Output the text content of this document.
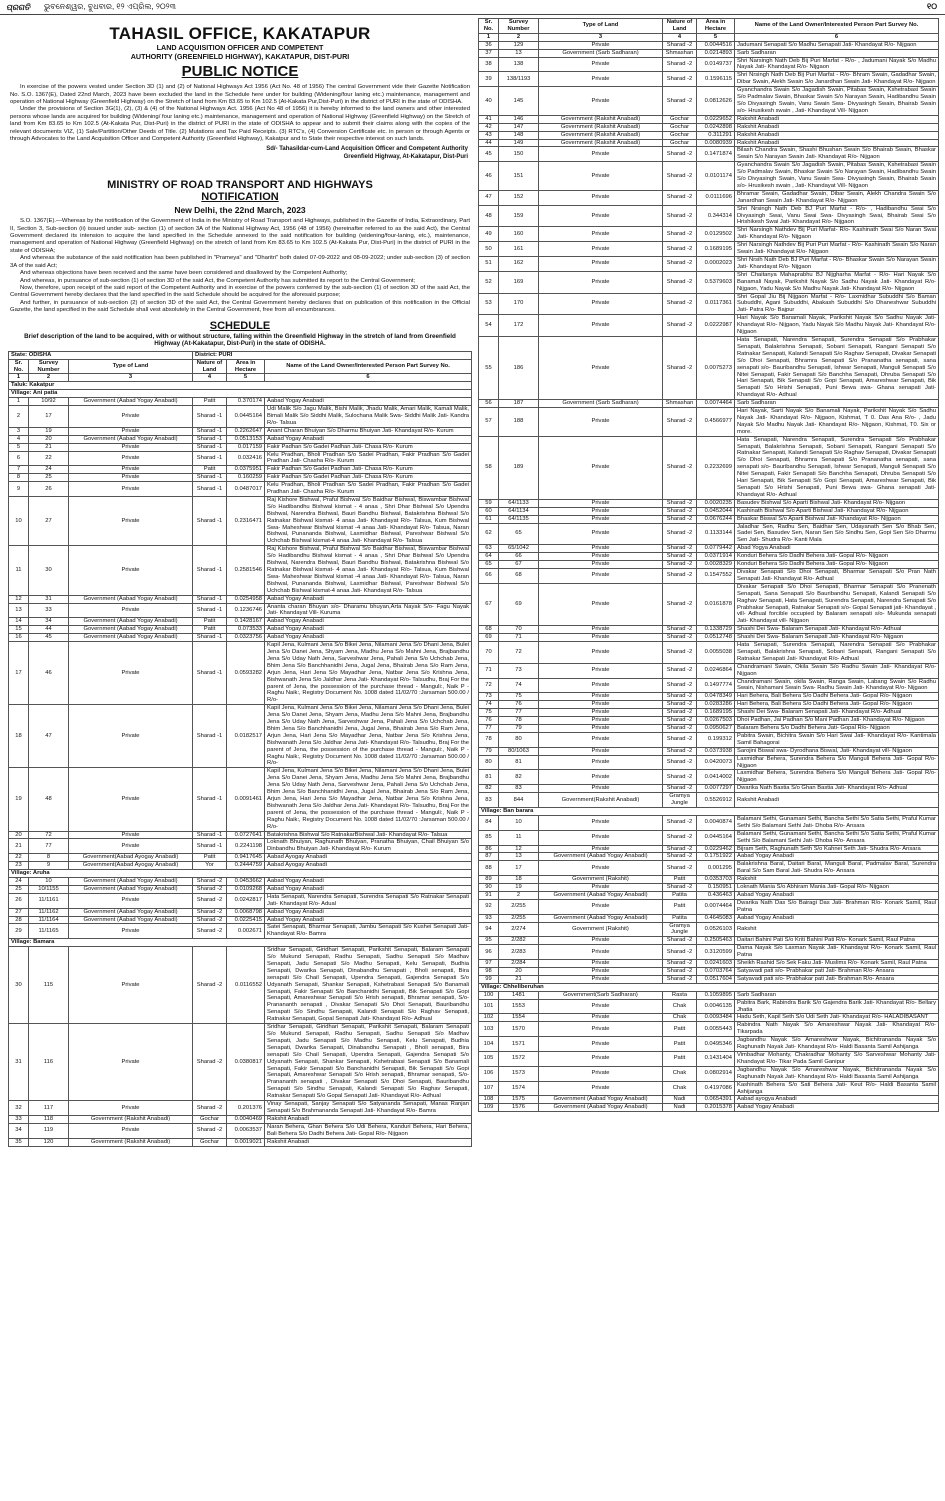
ପ୍ରଗତି	ଭୁବନେଶ୍ୱର, ବୁଧବାର, ୧୨ ଏପ୍ରିଲ, ୨୦୨୩	୧୦
TAHASIL OFFICE, KAKATAPUR
LAND ACQUISITION OFFICER AND COMPETENT
AUTHORITY (GREENFIELD HIGHWAY), KAKATAPUR, DIST-PURI
PUBLIC NOTICE

In exercise of the powers vested under Section 3D (1) and (2) of National Highways Act 1956 (Act No. 48 of 1956) The central Government vide their Gazette Notification No. S.O. 1367(E), Dated 22nd March, 2023 have been excluded the land in the Schedule here under for building (Widening/four laning etc.) maintenance, management and operation of National Highway (Greenfield Highway) on the Stretch of land from Km 83.65 to Km 102.5 (At-Kakata Pur,Dist-Puri) in the district of PURI in the state of ODISHA.

Under the provisions of Section 3G(1), (2), (3) & (4) of the National Highways Act. 1956 (Act No 48 of 1956) it is hereby informed to the land owners and other interested persons whose lands are acquired for building (Widening/ four laning etc.) maintenance, management and operation of National Highway (Greenfield Highway) on the Stretch of land from Km 83.65 to Km 102.5 (At-Kakata Pur, Dist-Puri) in the district of PURI in the state of ODISHA to appear and to submit their claims along with the copies of the relevant documents VIZ, (1) Sale/Partition/Other Deeds of Title. (2) Mutations and Tax Paid Receipts. (3) RTC's, (4) Conversion Certificate etc. in person or through Agents or through Advocates to the Land Acquisition Officer and Competent Authority (Greenfield Highway), Kakatpur and to State their respective interest on such lands.

Sd/- Tahasildar-cum-Land Acquisition Officer and Competent Authority
Greenfield Highway, At-Kakatapur, Dist-Puri
MINISTRY OF ROAD TRANSPORT AND HIGHWAYS
NOTIFICATION
New Delhi, the 22nd March, 2023

S.O. 1367(E).—Whereas by the notification of the Government of India in the Ministry of Road Transport and Highways, published in the Gazette of India, Extraordinary, Part II, Section 3, Sub-section (ii) issued under sub- section (1) of section 3A of the National Highway Act, 1956 (48 of 1956) (hereinafter referred to as the said Act), the Central Government declared its intension to acquire the land specified in the Schedule annexed to the said notification for building (widening/four-laning, etc.), maintenance, management and operation of National Highway (Greenfield Highway) on the stretch of land from Km 83.65 to Km 102.5 (At-Kakata Pur, Dist-Puri) in the district of PURI in the state of ODISHA;

And whereas the substance of the said notification has been published in "Prameya" and "Dharitri" both dated 07-09-2022 and 08-09-2022; under sub-section (3) of section 3A of the said Act;

And whereas objections have been received and the same have been considered and disallowed by the Competent Authority;

And whereas, in pursuance of sub-section (1) of section 3D of the said Act, the Competent Authority has submitted its report to the Central Government;

Now, therefore, upon receipt of the said report of the Competent Authority and in exercise of the powers conferred by the sub-section (1) of section 3D of the said Act, the Central Government hereby declares that the land specified in the said Schedule should be acquired for the aforesaid purpose;

And further, in pursuance of sub-section (2) of section 3D of the said Act, the Central Government hereby declares that on publication of this notification in the Official Gazette, the land specified in the said Schedule shall vest absolutely in the Central Government, free from all encumbrances.

SCHEDULE
Brief description of the land to be acquired, with or without structure, falling within the Greenfield Highway in the stretch of land from Greenfield Highway (At-Kakatapur, Dist-Puri) in the state of ODISHA.
State: ODISHA			District: PURI		
Sr. No.	Survey Number	Type of Land	Nature of Land	Area in Hectare	Name of the Land Owner/Interested Person Part Survey No.
1	2	3	4	5	6
Taluk: Kakatpur					
Village: Ani patia					
1	10/92	Government (Aabad Yogay Anabadi)	Patit	0.370174	Aabad Yogay Anabadi
2	17	Private	Sharad -1	0.0445164	Udi Malik S/o Jagu Malik, Bishi Malik, Jhadu Malik, Amari Malik, Kamali Malik, Bimali Malik S/o Siddhi Malik, Sulochana Malik Swa- Siddhi Malik Jati- Kandra R/o- Talsua
3	19	Private	Sharad -1	0.2262647	Anant Charan Bhuiyan S/o Dharmu Bhuiyan Jati- Khandayat R/o- Kurum
4	20	Government (Aabad Yogay Anabadi)	Sharad -1	0.0513153	Aabad Yogay Anabadi
5	21	Private	Sharad -1	0.017159	Fakir Padhan S/o Gadei Padhan Jati- Chasa R/o- Kurum
6	22	Private	Sharad -1	0.032416	Kelu Pradhan, Bholi Pradhan S/o Sadei Pradhan, Fakir Pradhan S/o Gadei Pradhan Jati- Chasha R/o- Kurum
7	24	Private	Patit	0.0375951	Fakir Padhan S/o Gadei Padhan Jati- Chasa R/o- Kurum
8	25	Private	Sharad -1	0.160259	Fakir Padhan S/o Gadei Padhan Jati- Chasa R/o- Kurum
9	26	Private	Sharad -1	0.0487017	Kelu Pradhan, Bholi Pradhan S/o Sadei Pradhan, Fakir Pradhan S/o Gadei Pradhan Jati- Chasha R/o- Kurum
10	27	Private	Sharad -1	0.2316471	Raj Kishore Bishwal, Praful Bishwal S/o Baidhar Bishwal, Biswambar Bishwal S/o Hadibandhu Bishwal kismat - 4 anaa , Shri Dhar Bishwal S/o Upendra Bishwal, Narendra Bishwal, Bauri Bandhu Bishwal, Batakrishna Bishwal S/o Ratnakar Bishwal kismat- 4 anaa Jati- Khandayat R/o- Talsua, Kum Bishwal Swa- Maheshwar Bishwal kismat -4 anaa Jati- Khandayat R/o- Talsua, Naran Bishwal, Punananda Bishwal, Laxmidhar Bishwal, Pareshwar Bishwal S/o Uchchab Bishwal kismat-4 anaa Jati- Khandayat R/o- Talsua
11	30	Private	Sharad -1	0.2581546	Raj Kishore Bishwal, Praful Bishwal S/o Baidhar Bishwal, Biswambar Bishwal S/o Hadibandhu Bishwal kismat - 4 anaa , Shri Dhar Bishwal S/o Upendra Bishwal, Narendra Bishwal, Bauri Bandhu Bishwal, Batakrishna Bishwal S/o Ratnakar Bishwal kismat- 4 anaa Jati- Khandayat R/o- Talsua, Kum Bishwal Swa- Maheshwar Bishwal kismat -4 anaa Jati- Khandayat R/o- Talsua, Naran Bishwal, Punananda Bishwal, Laxmidhar Bishwal, Pareshwar Bishwal S/o Uchchab Bishwal kismat-4 anaa Jati- Khandayat R/o- Talsua
12	31	Government (Aabad Yogay Anabadi)	Sharad -1	0.0254958	Aabad Yogay Anabadi
13	33	Private	Sharad -1	0.1236746	Ananta charan Bhuyan s/o- Dharamu bhuyan,Arta Nayak S/o- Fagu Nayak Jati- Khandayat Vill- Kuruma
14	34	Government (Aabad Yogay Anabadi)	Patit	0.1428167	Aabad Yogay Anabadi
15	44	Government (Aabad Yogay Anabadi)	Patit	0.073533	Aabad Yogay Anabadi
16	45	Government (Aabad Yogay Anabadi)	Sharad -1	0.0323756	Aabad Yogay Anabadi
17	46	Private	Sharad -1	0.0593282	Kapil Jena, Kulmani Jena S/o Bikei Jena, Nilamani Jena S/o Dhani Jena, Bulei Jena S/o Danei Jena, Shyam Jena, Madhu Jena S/o Mahni Jena, Brajbandhu Jena S/o Uday Nath Jena, Sarveshwar Jena, Pahali Jena S/o Uchchab Jena, Bhim Jena S/o Banchhanidhi Jena, Jugal Jena, Bhairab Jena S/o Ram Jena, Arjun Jena, Hari Jena S/o Mayadhar Jena, Natbar Jena S/o Krishna Jena, Bishwanath Jena S/o Jaldhar Jena Jati- Khandayat R/o- Talsudhu, Braj For the parent of Jena, the possession of the purchase thread - Manguli:, Naik P - Raghu Naik:, Registry Document No. 1008 dated 11/02/70 :Jarsaman 500.00 / R/o-
18	47	Private	Sharad -1	0.0182517	Kapil Jena, Kulmani Jena S/o Bikei Jena, Nilamani Jena S/o Dhani Jena, Bulei Jena S/o Danei Jena, Shyam Jena, Madhu Jena S/o Mahni Jena, Brajbandhu Jena S/o Uday Nath Jena, Sarveshwar Jena, Pahali Jena S/o Uchchab Jena, Bhim Jena S/o Banchhanidhi Jena, Jugal Jena, Bhairab Jena S/o Ram Jena, Arjun Jena, Hari Jena S/o Mayadhar Jena, Natbar Jena S/o Krishna Jena, Bishwanath Jena S/o Jaldhar Jena Jati- Khandayat R/o- Talsudhu, Braj For the parent of Jena, the possession of the purchase thread - Manguli:, Naik P - Raghu Naik:, Registry Document No. 1008 dated 11/02/70 :Jarsaman 500.00 / R/o-
19	48	Private	Sharad -1	0.0091461	Kapil Jena, Kulmani Jena S/o Bikei Jena, Nilamani Jena S/o Dhani Jena, Bulei Jena S/o Danei Jena, Shyam Jena, Madhu Jena S/o Mahni Jena, Brajbandhu Jena S/o Uday Nath Jena, Sarveshwar Jena, Pahali Jena S/o Uchchab Jena, Bhim Jena S/o Banchhanidhi Jena, Jugal Jena, Bhairab Jena S/o Ram Jena, Arjun Jena, Hari Jena S/o Mayadhar Jena, Natbar Jena S/o Krishna Jena, Bishwanath Jena S/o Jaldhar Jena Jati- Khandayat R/o- Talsudhu, Braj For the parent of Jena, the possession of the purchase thread - Manguli:, Naik P - Raghu Naik:, Registry Document No. 1008 dated 11/02/70 :Jarsaman 500.00 / R/o-
20	72	Private	Sharad -1	0.0727641	Batakrishna Bishwal S/o RatnakarBishwal Jati- Khandayat R/o- Talsua
21	77	Private	Sharad -1	0.2241198	Loknath Bhuiyan, Raghunath Bhuiyan, Pranatha Bhuiyan, Chail Bhuiyan S/o Dinbandhu Bhuiyan Jati- Khandayat R/o- Kurum
22	8	Government(Aabad Ayogay Anabadi)	Patit	0.9417645	Aabad Ayogay Anabadi
23	9	Government(Aabad Ayogay Anabadi)	Yor	0.2444759	Aabad Ayogay Anabadi
Village: Aruha					
24	10	Government (Aabad Yogay Anabadi)	Sharad -2	0.0453662	Aabad Yogay Anabadi
25	10/1155	Government (Aabad Yogay Anabadi)	Sharad -2	0.0109268	Aabad Yogay Anabadi
26	11/1161	Private	Sharad -2	0.0242817	Hata Senapati, Narendra Senapati, Surendra Senapati S/o Ratnakar Senapati Jati- Khandayat R/o- Adual
27	11/1162	Government (Aabad Yogay Anabadi)	Sharad -2	0.0068798	Aabad Yogay Anabadi
28	11/1164	Government (Aabad Yogay Anabadi)	Sharad -2	0.0225415	Aabad Yogay Anabadi
29	11/1165	Private	Sharad -2	0.002671	Satei Senapati, Bharmar Senapati, Jambu Senapati S/o Kushei Senapati Jati- Khandayat R/o- Bamra
Village: Bamara					
30	115	Private	Sharad -2	0.0116552	Sridhar Senapati, Giridhari Senapati, Parikshit Senapati, Balaram Senapati S/o Mukund Senapati, Radhu Senapati, Sadhu Senapati S/o Madhav Senapati, Jadu Senapati S/o Madhu Senapati, Kelu Senapati, Budhia Senapati, Dwarika Senapati, Dinabandhu Senapati , Bholi senapati, Bira senapati S/o Chail Senapati, Upendra Senapati, Gajendra Senapati S/o Udyanath Senapati, Shankar Senapati, Kshetrabasi Senapati S/o Banamali Senapati, Fakir Senapati S/o Banchanidhi Senapati, Bik Senapati S/o Gopi Senapati, Amareshwar Senapati S/o Hrish senapati, Bhramar senapati, S/o- Pranananth senapati , Divakar Senapati S/o Dhoi Senapati, Bauribandhu Senapati S/o Sindhu Senapati, Kalandi Senapati S/o Raghav Senapati, Ratnakar Senapati, Gopal Senapati Jati- Khandayat R/o- Adhual
31	116	Private	Sharad -2	0.0380817	Sridhar Senapati, Giridhari Senapati, Parikshit Senapati, Balaram Senapati S/o Mukund Senapati, Radhu Senapati, Sadhu Senapati S/o Madhav Senapati, Jadu Senapati S/o Madhu Senapati, Kelu Senapati, Budhia Senapati, Dwarika Senapati, Dinabandhu Senapati , Bholi senapati, Bira senapati S/o Chail Senapati, Upendra Senapati, Gajendra Senapati S/o Udyanath Senapati, Shankar Senapati, Kshetrabasi Senapati S/o Banamali Senapati, Fakir Senapati S/o Banchanidhi Senapati, Bik Senapati S/o Gopi Senapati, Amareshwar Senapati S/o Hrish senapati, Bhramar senapati, S/o- Pranananth senapati , Divakar Senapati S/o Dhoi Senapati, Bauribandhu Senapati S/o Sindhu Senapati, Kalandi Senapati S/o Raghav Senapati, Ratnakar Senapati S/o Gopal Senapati Jati- Khandayat R/o- Adhual
32	117	Private	Sharad -2	0.201376	Vinay Senapati, Sanjay Senapati S/o Satyananda Senapati, Manas Ranjan Senapati S/o Brahmananda Senapati Jati- Khandayat R/o- Bamra
33	118	Government (Rakshit Anabadi)	Gochar	0.0040469	Rakshit Anabadi
34	119	Private	Sharad -2	0.0063537	Naran Behera, Ghan Behera S/o Udi Behera, Kanduri Behera, Hari Behera, Bali Behera S/o Dadhi Behera Jati- Gopal R/o- Nijgaon
35	120	Government (Rakshit Anabadi)	Gochar	0.0019021	Rakshit Anabadi
Sr. No.	Survey Number	Type of Land	Nature of Land	Area in Hectare	Name of the Land Owner/Interested Person Part Survey No.
1	2	3	4	5	6
36	129	Private	Sharad -2	0.0044516	Jadumani Senapati S/o Madhu Senapati Jati- Khandayat R/o- Nijgaon
37	13	Government (Sarb Sadharan)	Shmashan	0.0214893	Sarb Sadharan
38	138	Private	Sharad -2	0.0149737	Shri Narsingh Nath Deb Bij Puri Marfat - R/o- , Jadumani Nayak S/o Madhu Nayak Jati- Khandayat R/o- Nijgaon
39	138/1193	Private	Sharad -2	0.1596115	Shri Nrsingh Nath Deb Bij Puri Marfat - R/o- Bhram Swain, Gadadhar Swain, Dibar Swain, Alekh Swain S/o Janardhan Swain Jati- Khandayat R/o- Nijgaon
40	145	Private	Sharad -2	0.0812626	Gyanchandra Swain S/o Jagadish Swain, Pitabas Swain, Kshetrabasi Swain S/o Padmalav Swain, Bhaskar Swain S/o Narayan Swain, Hadibandhu Swain S/o Divyasingh Swain, Vanu Swain Swa- Divyasingh Swain, Bhairab Swain s/o- Hrusikesh swain , Jati- Khandayat Vill- Nijgaon
41	146	Government (Rakshit Anabadi)	Gochar	0.0229652	Rakshit Anabadi
42	147	Government (Rakshit Anabadi)	Gochar	0.0242898	Rakshit Anabadi
43	148	Government (Rakshit Anabadi)	Gochar	0.311291	Rakshit Anabadi
44	149	Government (Rakshit Anabadi)	Gochar	0.0080939	Rakshit Anabadi
45	150	Private	Sharad -2	0.1471874	Bilash Chandra Swain, Shashi Bhushan Swain S/o Bhairab Swain, Bhaskar Swain S/o Narayan Swain Jati- Khandayat R/o- Nijgaon
46	151	Private	Sharad -2	0.0101174	Gyanchandra Swain S/o Jagadish Swain, Pitabas Swain, Kshetrabasi Swain S/o Padmalav Swain, Bhaskar Swain S/o Narayan Swain, Hadibandhu Swain S/o Divyasingh Swain, Vanu Swain Swa- Divyasingh Swain, Bhairab Swain s/o- Hrusikesh swain , Jati- Khandayat Vill- Nijgaon
47	152	Private	Sharad -2	0.0111696	Bhramar Swain, Gadadhar Swain, Dibar Swain, Alekh Chandra Swain S/o Janardhan Swain Jati- Khandayat R/o- Nijgaon
48	159	Private	Sharad -2	0.344314	Shri Nrsingh Nath Deb BJ Puri Marfat - R/o- , Hadibandhu Swai S/o Divyasingh Swai, Vanu Swai Swa- Divyasingh Swai, Bhairab Swai S/o Hrishikesh Swai Jati- Khandayat R/o- Nijgaon
49	160	Private	Sharad -2	0.0129502	Shri Narsingh Nathdev Bij Puri Marfat- R/o- Kashinath Swai S/o Naran Swai Jati- Khandayat R/o- Nijgaon
50	161	Private	Sharad -2	0.1689195	Shri Narsingh Nathdev Bij Puri Puri Marfat - R/o- Kashinath Swain S/o Naran Swain Jati- Khandayat R/o- Nijgaon
51	162	Private	Sharad -2	0.0002023	Shri Nrsih Nath Deb BJ Puri Marfat - R/o- Bhaskar Swain S/o Narayan Swain Jati- Khandayat R/o- Nijgaon
52	169	Private	Sharad -2	0.5379603	Shri Chaitanya Mahaprabhu BJ Nijgharha Marfat - R/o- Hari Nayak S/o Banamali Nayak, Parikshit Nayak S/o Sadhu Nayak Jati- Khandayat R/o- Nijgaon, Yadu Nayak S/o Madhu Nayak Jati- Khandayat R/o- Nijgaon
53	170	Private	Sharad -2	0.0117361	Shri Gopal Jiu Bij Nijgaon Marfat - R/o- Laxmidhar Subuddhi S/o Baman Subuddhi, Agani Subuddhi, Abakash Subuddhi S/o Dhaneshwar Subuddhi Jati- Patra R/o- Bajpur
54	172	Private	Sharad -2	0.0222987	Hari Nayak S/o Banamali Nayak, Parikshit Nayak S/o Sadhu Nayak Jati- Khandayat R/o- Nijgaon, Yadu Nayak S/o Madhu Nayak Jati- Khandayat R/o- Nijgaon
55	186	Private	Sharad -2	0.0075273	Hata Senapati, Narendra Senapati, Surendra Senapati S/o Prabhakar Senapati, Balakrishna Senapati, Sobani Senapati, Rangani Senapati S/o Ratnakar Senapati, Kalandi Senapati S/o Raghav Senapati, Divakar Senapati S/o Dhoi Senapati, Bhramra Senapati S/o Prananatha senapati, sana senapati s/o- Bauribandhu Senapati, Ishwar Senapati, Manguli Senapati S/o Nitei Senapati, Fakir Senapati S/o Banchha Senapati, Dhruba Senapati S/o Hari Senapati, Bik Senapati S/o Gopi Senapati, Amareshwar Senapati, Bik Senapati S/o Hrishi Senapati, Puni Bewa swa- Ghana senapati Jati- Khandayat R/o- Adhual
56	187	Government (Sarb Sadharan)	Shmashan	0.0074464	Sarb Sadharan
57	188	Private	Sharad -2	0.4566977	Hari Nayak, Sarti Nayak S/o Banamali Nayak, Parikshit Nayak S/o Sadhu Nayak Jati- Khandayat R/o- Nijgaon, Kishmat, T 0. Das Ana R/o- , Jadu Nayak S/o Madhu Nayak Jati- Khandayat R/o- Nijgaon, Kishmat, T0. Six or more.
58	189	Private	Sharad -2	0.2232699	Hata Senapati, Narendra Senapati, Surendra Senapati S/o Prabhakar Senapati, Balakrishna Senapati, Sobani Senapati, Rangani Senapati S/o Ratnakar Senapati, Kalandi Senapati S/o Raghav Senapati, Divakar Senapati S/o Dhoi Senapati, Bhramra Senapati S/o Prananatha senapati, sana senapati s/o- Bauribandhu Senapati, Ishwar Senapati, Manguli Senapati S/o Nitei Senapati, Fakir Senapati S/o Banchha Senapati, Dhruba Senapati S/o Hari Senapati, Bik Senapati S/o Gopi Senapati, Amareshwar Senapati, Bik Senapati S/o Hrishi Senapati, Puni Bewa swa- Ghana senapati Jati- Khandayat R/o- Adhual
59	64/1133	Private	Sharad -2	0.0020235	Basudev Bishwal S/o Aparti Bishwal Jati- Khandayat R/o- Nijgaon
60	64/1134	Private	Sharad -2	0.0452044	Kashinath Bishwal S/o Aparti Bishwal Jati- Khandayat R/o- Nijgaon
61	64/1135	Private	Sharad -2	0.0676244	Bhaskar Biswal S/o Aparti Bishwal Jati- Khandayat R/o- Nijgaon
62	65	Private	Sharad -2	0.1133144	Jaladhar Sen, Radhu Sen, Baidhar Sen, Udayanath Sen S/o Bhab Sen, Sadei Sen, Basudev Sen, Naran Sen S/o Sindhu Sen, Gopi Sen S/o Dharmu Sen Jati- Shudra R/o- Kanti Mala
63	65/1042	Private	Sharad -2	0.0779442	Abad Yogya Anabadi
64	66	Private	Sharad -2	0.0371914	Konduri Behera S/o Dadhi Behera Jati- Gopal R/o- Nijgaon
65	67	Private	Sharad -2	0.0028329	Konduri Behera S/o Dadhi Behera Jati- Gopal R/o- Nijgaon
66	68	Private	Sharad -2	0.1547552	Divakar Senapati S/o Dhoi Senapati, Bharmar Senapati S/o Pran Nath Senapati Jati- Khandayat R/o- Adhual
67	69	Private	Sharad -2	0.0161878	Divakar Senapati S/o Dhoi Senapati, Bharmar Senapati S/o Pranenath Senapati, Sana Senapati S/o Bauribandhu Senapati, Kalandi Senapati S/o Raghav Senapati, Hata Senapati, Surendra Senapati, Narendra Senapati S/o Prabhakar Senapati, Ratnakar Senapati s/o- Gopal Senapati jati- Khandayat , vill- Adhual forcible occupied by Balaram senapati s/o- Mukunda senapati Jati- Khandayat vill- Nijgaon
68	70	Private	Sharad -2	0.1338729	Shashi Dei Swa- Balaram Senapati Jati- Khandayat R/o- Adhual
69	71	Private	Sharad -2	0.0512748	Shashi Dei Swa- Balaram Senapati Jati- Khandayat R/o- Nijgaon
70	72	Private	Sharad -2	0.0055038	Hata Senapati, Surendra Senapati, Narendra Senapati S/o Prabhakar Senapati, Balakrishna Senapati, Sobani Senapati, Rangani Senapati S/o Ratnakar Senapati Jati- Khandayat R/o- Adhual
71	73	Private	Sharad -2	0.0246864	Chandramani Swain, Okila Swain S/o Radhu Swain Jati- Khandayat R/o- Nijgaon
72	74	Private	Sharad -2	0.1497774	Chandramani Swain, okila Swain, Ranga Swain, Labang Swain S/o Radhu Swain, Nishamani Swain Swa- Radhu Swain Jati- Khandayat R/o- Nijgaon
73	75	Private	Sharad -2	0.0478349	Hari Behera, Bali Behera S/o Dadhi Behera Jati- Gopal R/o- Nijgaon
74	76	Private	Sharad -2	0.0283286	Hari Behera, Bali Behera S/o Dadhi Behera Jati- Gopal R/o- Nijgaon
75	77	Private	Sharad -2	0.1689195	Shashi Dei Swa- Balaram Senapati Jati- Khandayat R/o- Adhual
76	78	Private	Sharad -2	0.0267503	Dhoi Padhan, Jai Padhan S/o Mani Padhan Jati- Khandayat R/o- Nijgaon
77	79	Private	Sharad -2	0.0950627	Balaram Behera S/o Dadhi Behera Jati- Gopal R/o- Nijgaon
78	80	Private	Sharad -2	0.199312	Pabitra Swain, Bichitra Swain S/o Hari Swai Jati- Khandayat R/o- Kantimala Samil Bahagorai
79	80/1063	Private	Sharad -2	0.0373938	Sarojini Biswal swa- Dyrodhana Biswal, Jati- Khandayat vill- Nijgaon
80	81	Private	Sharad -2	0.0420073	Laxmidhar Behera, Surendra Behera S/o Manguli Behera Jati- Gopal R/o- Nijgaon
81	82	Private	Sharad -2	0.0414002	Laxmidhar Behera, Surendra Behera S/o Manguli Behera Jati- Gopal R/o- Nijgaon
82	83	Private	Sharad -2	0.0077297	Dwarika Nath Bastia S/o Ghan Bastia Jati- Khandayat R/o- Adhual
83	844	Government(Rakshit Anabadi)	Gramya Jungle	0.5526912	Rakshit Anabadi
Village: Ban barara					
84	10	Private	Sharad -2	0.0040874	Balamani Sethi, Gunamani Sethi, Bancha Sethi S/o Satia Sethi, Praful Kumar Sethi S/o Balamani Sethi Jati- Dhoba R/o- Ansara
85	11	Private	Sharad -2	0.0445164	Balamani Sethi, Gunamani Sethi, Bancha Sethi S/o Satia Sethi, Praful Kumar Sethi S/o Balamani Sethi Jati- Dhoba R/o- Ansara
86	12	Private	Sharad -2	0.0229462	Bijram Seth, Raghunath Seth S/o Kahnei Seth Jati- Shudra R/o- Ansara
87	13	Government (Aabad Yogay Anabadi)	Sharad -2	0.1751922	Aabad Yogay Anabadi
88	17	Private	Sharad -2	0.001295	Balakrishna Baral, Daitari Baral, Manguli Baral, Padmalav Baral, Surendra Baral S/o Sam Baral Jati- Shudra R/o- Ansara
89	18	Government (Rakshit)	Patit	0.0353703	Rakshit
90	19	Private	Sharad -2	0.150951	Loknath Mania S/o Abhiram Mania Jati- Gopal R/o- Nijgaon
91	2	Government (Aabad Yogay Anabadi)	Patita	0.436463	Aabad Yogay Anabadi
92	2/255	Private	Patit	0.0074464	Dwarika Nath Das S/o Bairagi Das Jati- Brahman R/o- Konark Samil, Raul Patna
93	2/255	Government (Aabad Yogay Anabadi)	Patita	0.4645083	Aabad Yogay Anabadi
94	2/274	Government (Rakshit)	Gramya Jungle	0.0526103	Rakshit
95	2/282	Private	Sharad -2	0.2505463	Daitari Bahini Pati S/o Kriti Bahini Pati R/o- Konark Samil, Raul Patna
96	2/283	Private	Sharad -2	0.3120599	Dama Nayak S/o Laxman Nayak Jati- Khandayat R/o- Konark Samil, Raul Patna
97	2/284	Private	Sharad -2	0.0241603	Sheikh Rashid S/o Sek Faku Jati- Muslims R/o- Konark Samil, Raul Patna
98	20	Private	Sharad -2	0.0703764	Satyavadi pati s/o- Prabhakar pati Jati- Brahman R/o- Ansara
99	21	Private	Sharad -2	0.0517604	Satyavadi pati s/o- Prabhakar pati Jati- Brahman R/o- Ansara
Village: Chheliberuhan					
100	1481	Government(Sarb Sadharan)	Rasta	0.1059895	Sarb Sadharan
101	1553	Private	Chak	0.0046135	Pabitra Bark, Rabindra Barik S/o Gajendra Barik Jati- Khandayat R/o- Bellary Jhatia
102	1554	Private	Chak	0.0093484	Hadu Seth, Kapil Seth S/o Udi Seth Jati- Khandayat R/o- HALADIBASANT
103	1570	Private	Patit	0.0055443	Rabindra Nath Nayak S/o Amareshwar Nayak Jati- Khandayat R/o- Tikarpada
104	1571	Private	Patit	0.0495346	Jagbandhu Nayak S/o Amareshwar Nayak, Bichitrananda Nayak S/o Raghunath Nayak Jati- Khandayat R/o- Haldi Basanta Samil Ashijanga
105	1572	Private	Patit	0.1431404	Vimbadhar Mohanty, Chakradhar Mohanty S/o Sarveshwar Mohanty Jati- Khandayat R/o- Tikar Pada Samil Ganipur
106	1573	Private	Chak	0.0802914	Jagbandhu Nayak S/o Amareshwar Nayak, Bichitrananda Nayak S/o Raghunath Nayak Jati- Khandayat R/o- Haldi Basanta Samil Ashijanga
107	1574	Private	Chak	0.4197086	Kashinath Behera S/o Sati Behera Jati- Keut R/o- Haldi Basanta Samil Ashijanga
108	1575	Government (Aabad Yogay Anabadi)	Nadi	0.0654391	Aabad ayogya Anabadi
109	1576	Government (Aabad Yogay Anabadi)	Nadi	0.2015378	Aabad Yogay Anabadi
